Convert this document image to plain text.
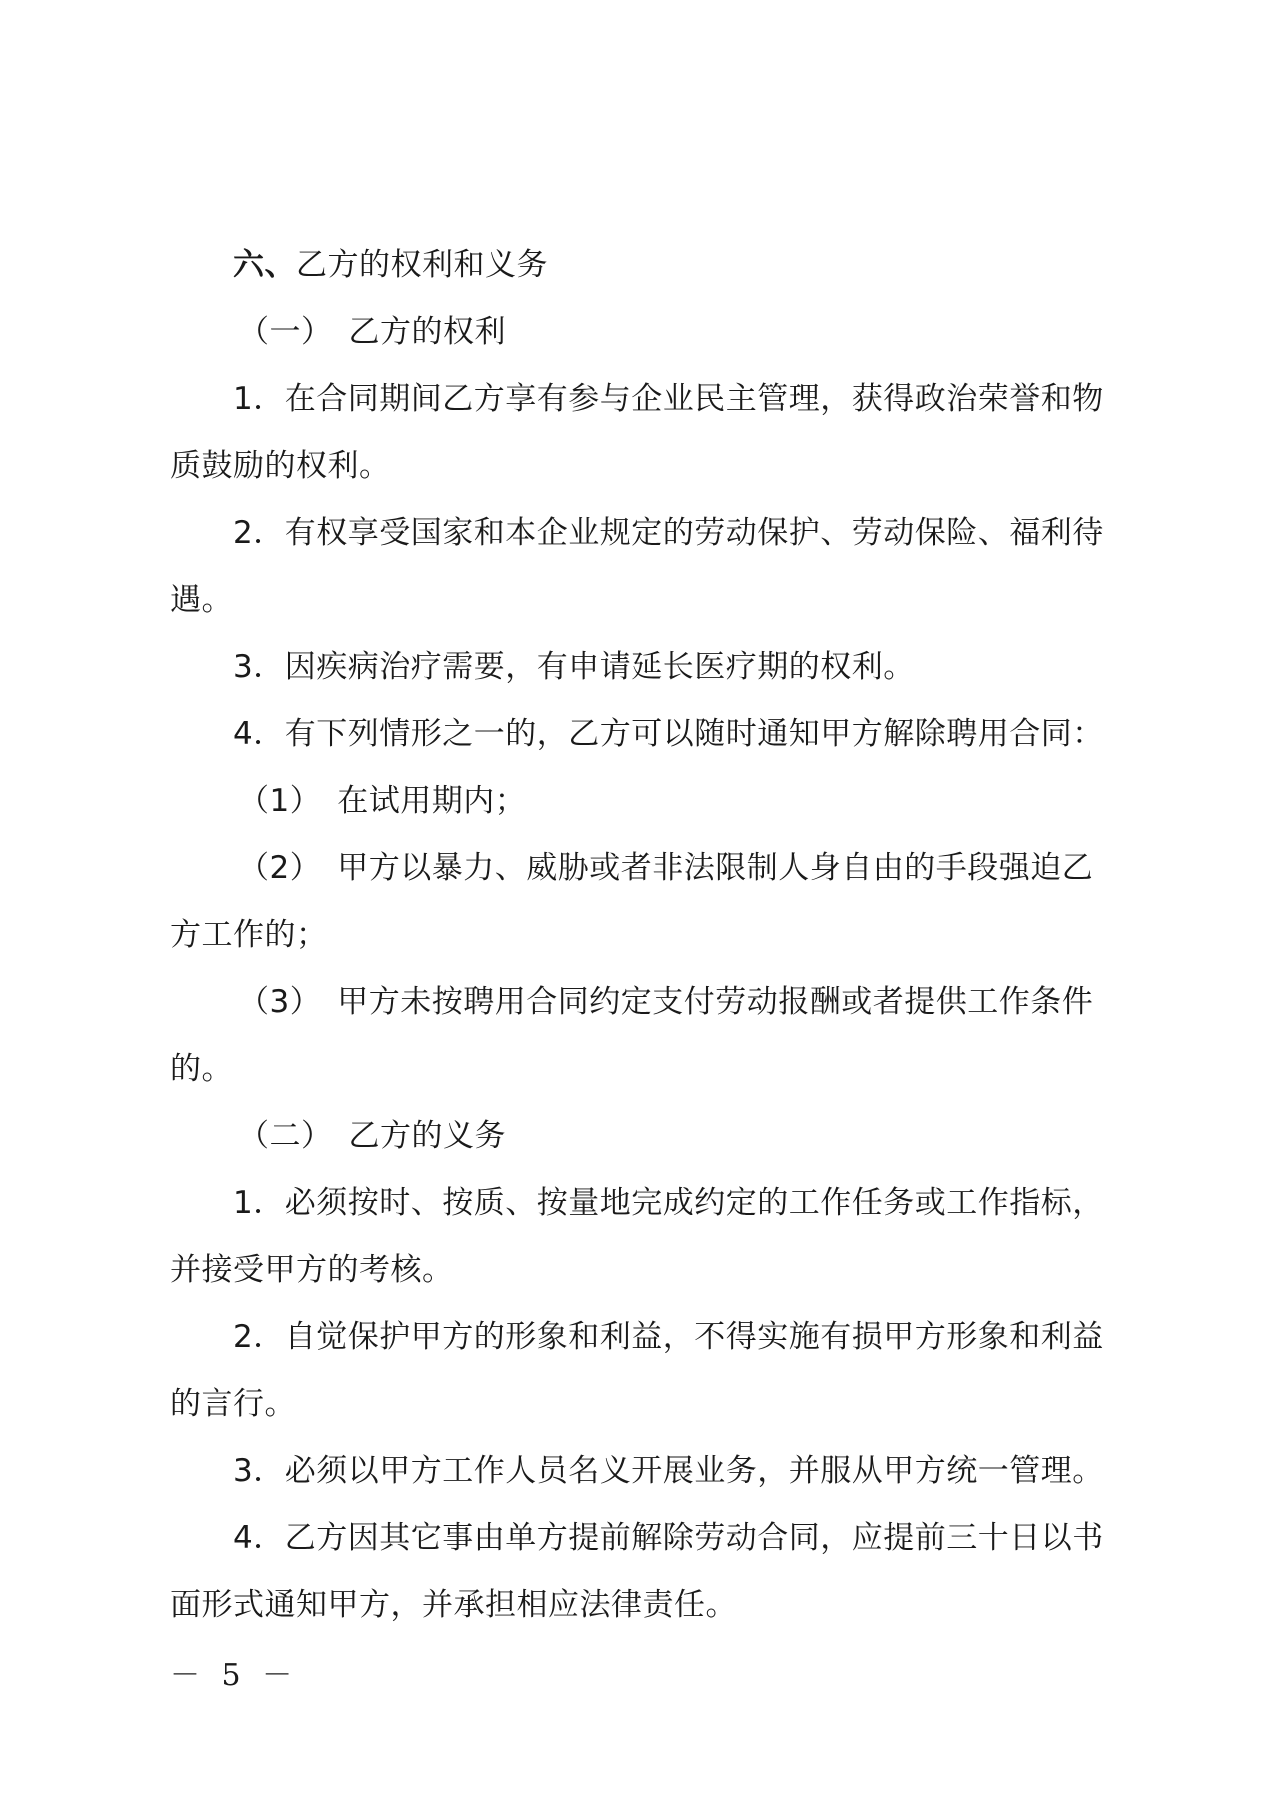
六、乙方的权利和义务

（一）　乙方的权利

1．在合同期间乙方享有参与企业民主管理，获得政治荣誉和物质鼓励的权利。

2．有权享受国家和本企业规定的劳动保护、劳动保险、福利待遇。

3．因疾病治疗需要，有申请延长医疗期的权利。

4．有下列情形之一的，乙方可以随时通知甲方解除聘用合同：

（1）　在试用期内；

（2）　甲方以暴力、威胁或者非法限制人身自由的手段强迫乙方工作的；

（3）　甲方未按聘用合同约定支付劳动报酬或者提供工作条件的。

（二）　乙方的义务

1．必须按时、按质、按量地完成约定的工作任务或工作指标，并接受甲方的考核。

2．自觉保护甲方的形象和利益，不得实施有损甲方形象和利益的言行。

3．必须以甲方工作人员名义开展业务，并服从甲方统一管理。

4．乙方因其它事由单方提前解除劳动合同，应提前三十日以书面形式通知甲方，并承担相应法律责任。

－ 5 －
